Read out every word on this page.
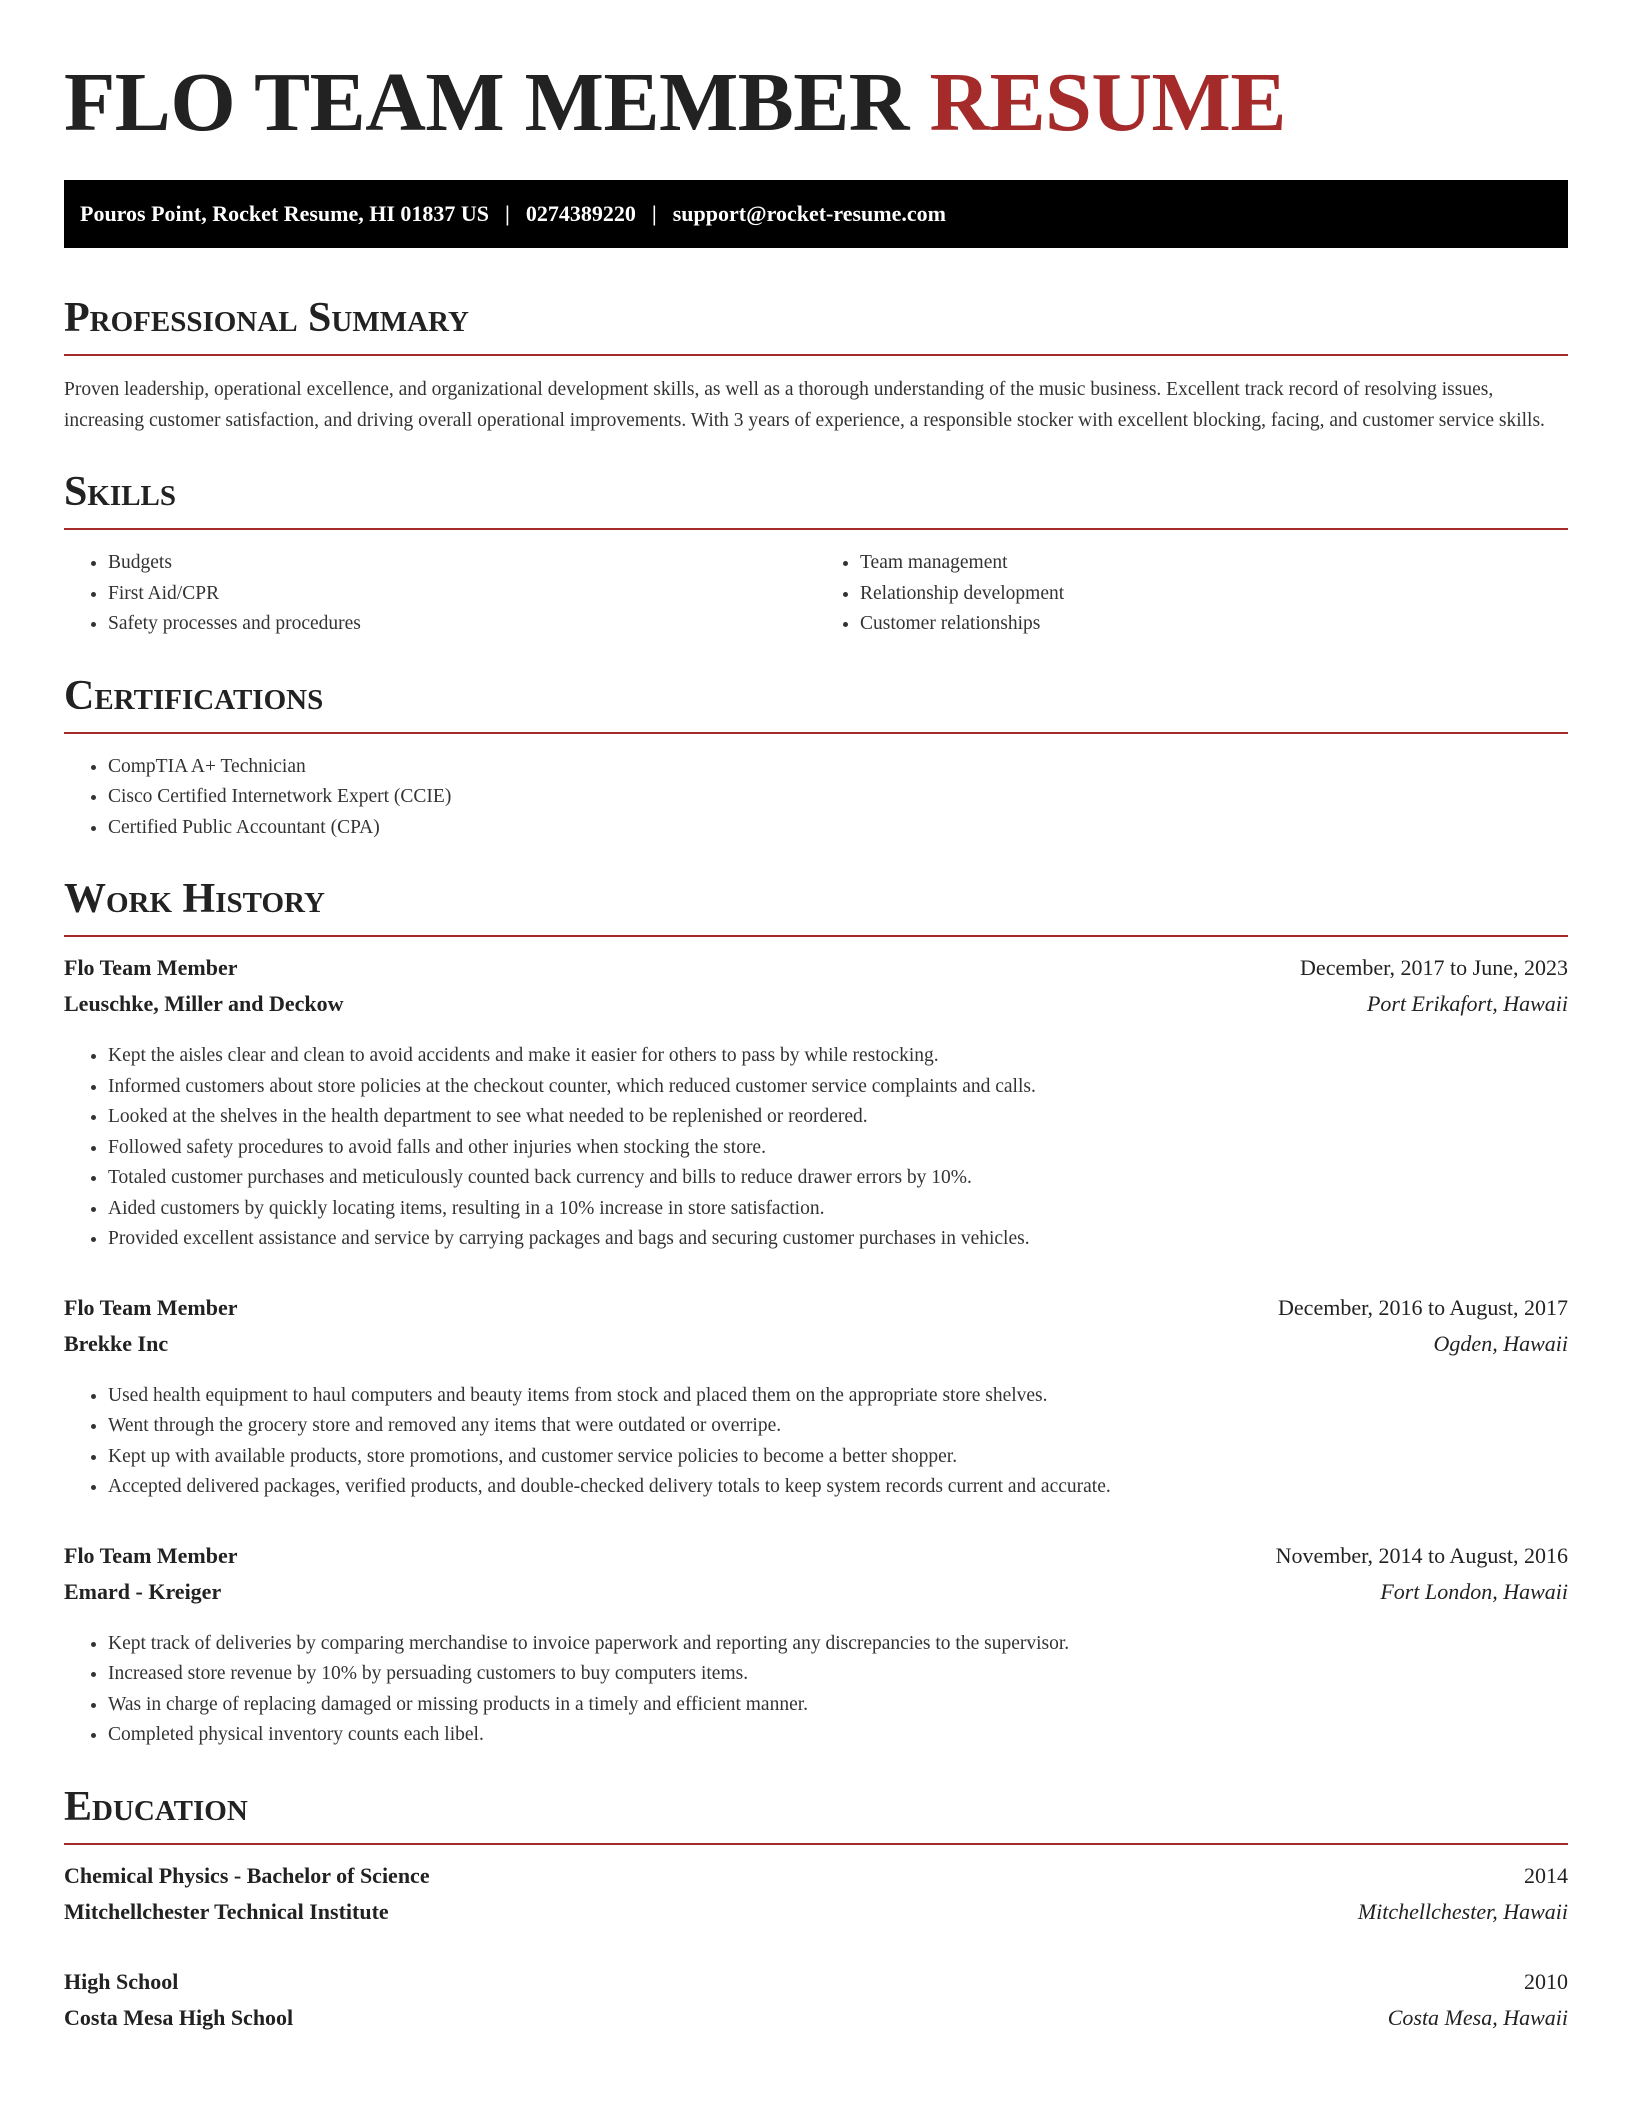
FLO TEAM MEMBER RESUME
Pouros Point, Rocket Resume, HI 01837 US | 0274389220 | support@rocket-resume.com
Professional Summary

Proven leadership, operational excellence, and organizational development skills, as well as a thorough understanding of the music business. Excellent track record of resolving issues, increasing customer satisfaction, and driving overall operational improvements. With 3 years of experience, a responsible stocker with excellent blocking, facing, and customer service skills.

Skills
• Budgets
• First Aid/CPR
• Safety processes and procedures
• Team management
• Relationship development
• Customer relationships
Certifications
• CompTIA A+ Technician
• Cisco Certified Internetwork Expert (CCIE)
• Certified Public Accountant (CPA)
Work History
Flo Team Member	December, 2017 to June, 2023
Leuschke, Miller and Deckow	Port Erikafort, Hawaii
• Kept the aisles clear and clean to avoid accidents and make it easier for others to pass by while restocking.
• Informed customers about store policies at the checkout counter, which reduced customer service complaints and calls.
• Looked at the shelves in the health department to see what needed to be replenished or reordered.
• Followed safety procedures to avoid falls and other injuries when stocking the store.
• Totaled customer purchases and meticulously counted back currency and bills to reduce drawer errors by 10%.
• Aided customers by quickly locating items, resulting in a 10% increase in store satisfaction.
• Provided excellent assistance and service by carrying packages and bags and securing customer purchases in vehicles.
Flo Team Member	December, 2016 to August, 2017
Brekke Inc	Ogden, Hawaii
• Used health equipment to haul computers and beauty items from stock and placed them on the appropriate store shelves.
• Went through the grocery store and removed any items that were outdated or overripe.
• Kept up with available products, store promotions, and customer service policies to become a better shopper.
• Accepted delivered packages, verified products, and double-checked delivery totals to keep system records current and accurate.
Flo Team Member	November, 2014 to August, 2016
Emard - Kreiger	Fort London, Hawaii
• Kept track of deliveries by comparing merchandise to invoice paperwork and reporting any discrepancies to the supervisor.
• Increased store revenue by 10% by persuading customers to buy computers items.
• Was in charge of replacing damaged or missing products in a timely and efficient manner.
• Completed physical inventory counts each libel.
Education
Chemical Physics - Bachelor of Science	2014
Mitchellchester Technical Institute	Mitchellchester, Hawaii
High School	2010
Costa Mesa High School	Costa Mesa, Hawaii
